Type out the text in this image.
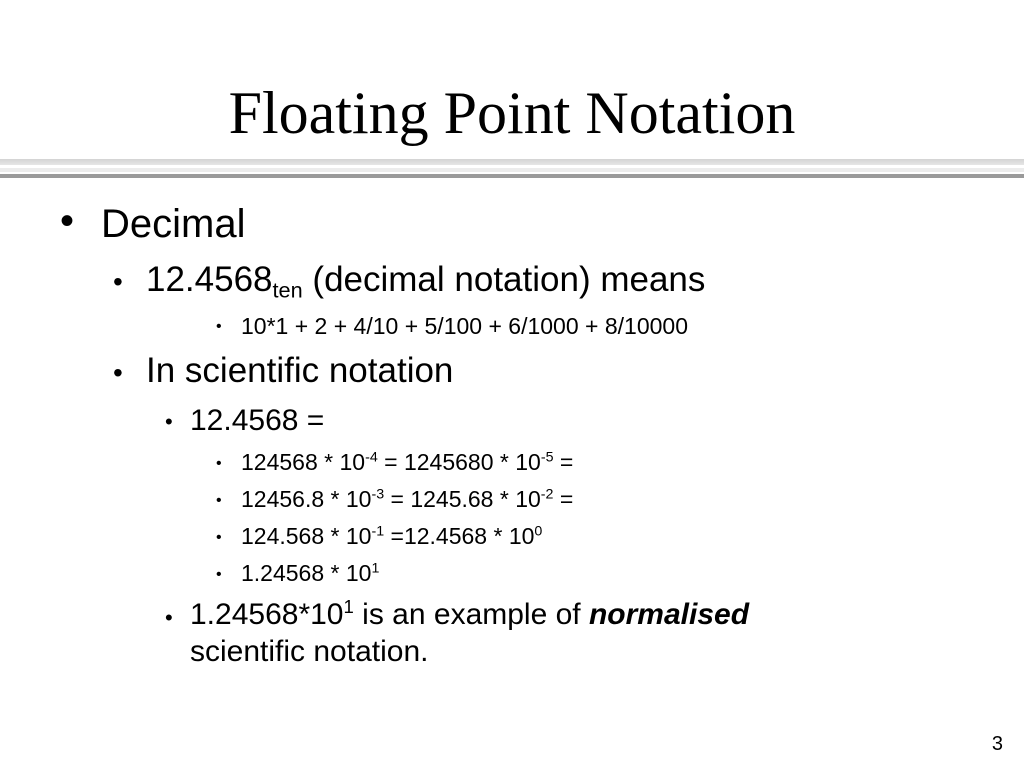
Floating Point Notation
• Decimal
• $12.4568_{ten}$ (decimal notation) means
• 10*1 + 2 + 4/10 + 5/100 + 6/1000 + 8/10000
• In scientific notation
• 12.4568 =
• $124568 * 10^{-4} = 1245680 * 10^{-5}$ =
• $12456.8 * 10^{-3} = 1245.68 * 10^{-2}$ =
• $124.568 * 10^{-1} =12.4568 * 10^0$
• $1.24568 * 10^1$
• $1.24568*10^1$ is an example of normalised
scientific notation.
3
